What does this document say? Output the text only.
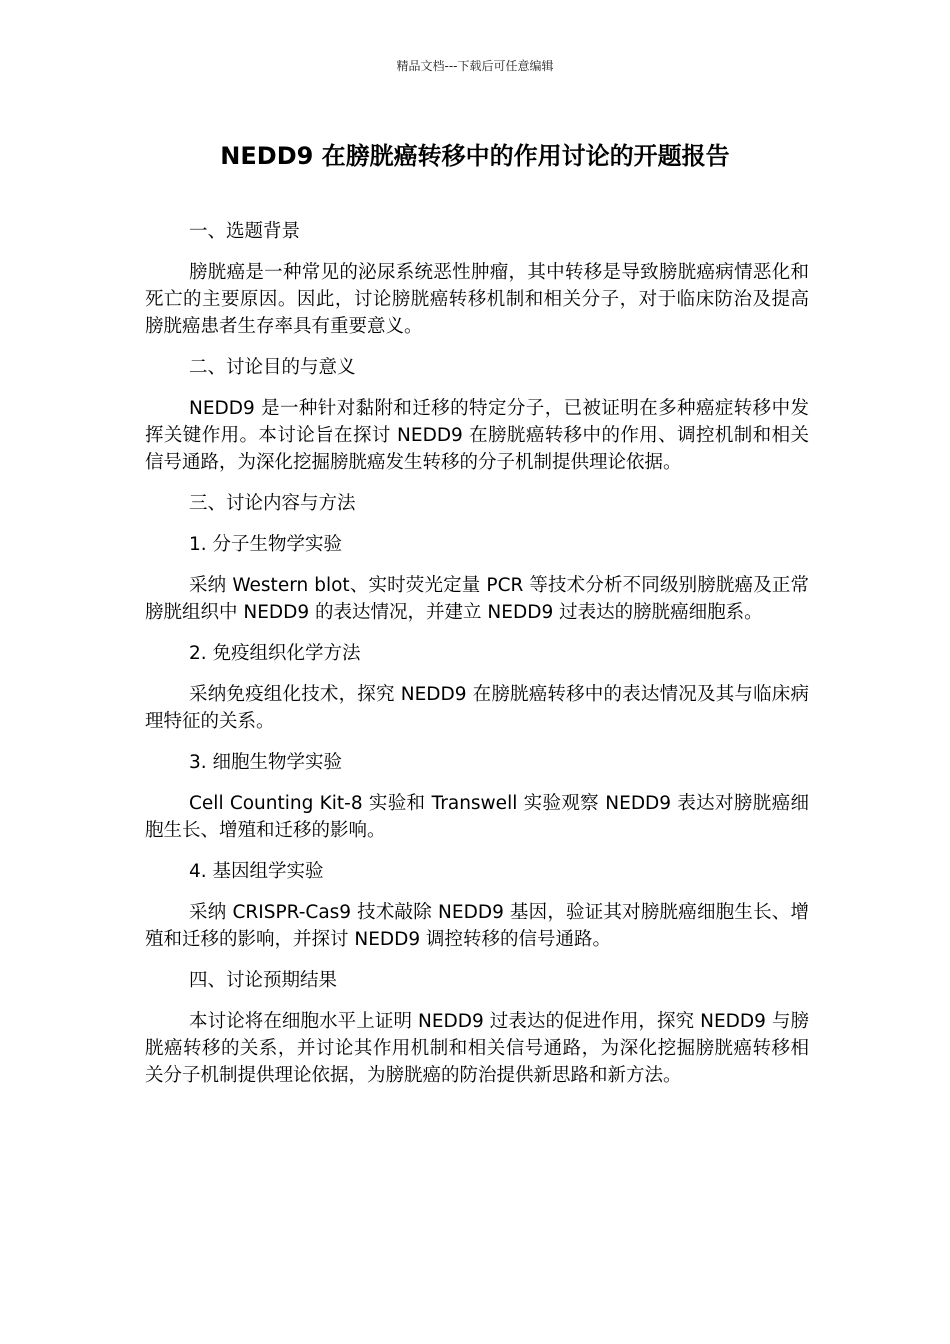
精品文档---下载后可任意编辑
NEDD9 在膀胱癌转移中的作用讨论的开题报告

一、选题背景

膀胱癌是一种常见的泌尿系统恶性肿瘤，其中转移是导致膀胱癌病情恶化和死亡的主要原因。因此，讨论膀胱癌转移机制和相关分子，对于临床防治及提高膀胱癌患者生存率具有重要意义。

二、讨论目的与意义

NEDD9 是一种针对黏附和迁移的特定分子，已被证明在多种癌症转移中发挥关键作用。本讨论旨在探讨 NEDD9 在膀胱癌转移中的作用、调控机制和相关信号通路，为深化挖掘膀胱癌发生转移的分子机制提供理论依据。

三、讨论内容与方法

1. 分子生物学实验

采纳 Western blot、实时荧光定量 PCR 等技术分析不同级别膀胱癌及正常膀胱组织中 NEDD9 的表达情况，并建立 NEDD9 过表达的膀胱癌细胞系。

2. 免疫组织化学方法

采纳免疫组化技术，探究 NEDD9 在膀胱癌转移中的表达情况及其与临床病理特征的关系。

3. 细胞生物学实验

Cell Counting Kit-8 实验和 Transwell 实验观察 NEDD9 表达对膀胱癌细胞生长、增殖和迁移的影响。

4. 基因组学实验

采纳 CRISPR-Cas9 技术敲除 NEDD9 基因，验证其对膀胱癌细胞生长、增殖和迁移的影响，并探讨 NEDD9 调控转移的信号通路。

四、讨论预期结果

本讨论将在细胞水平上证明 NEDD9 过表达的促进作用，探究 NEDD9 与膀胱癌转移的关系，并讨论其作用机制和相关信号通路，为深化挖掘膀胱癌转移相关分子机制提供理论依据，为膀胱癌的防治提供新思路和新方法。
